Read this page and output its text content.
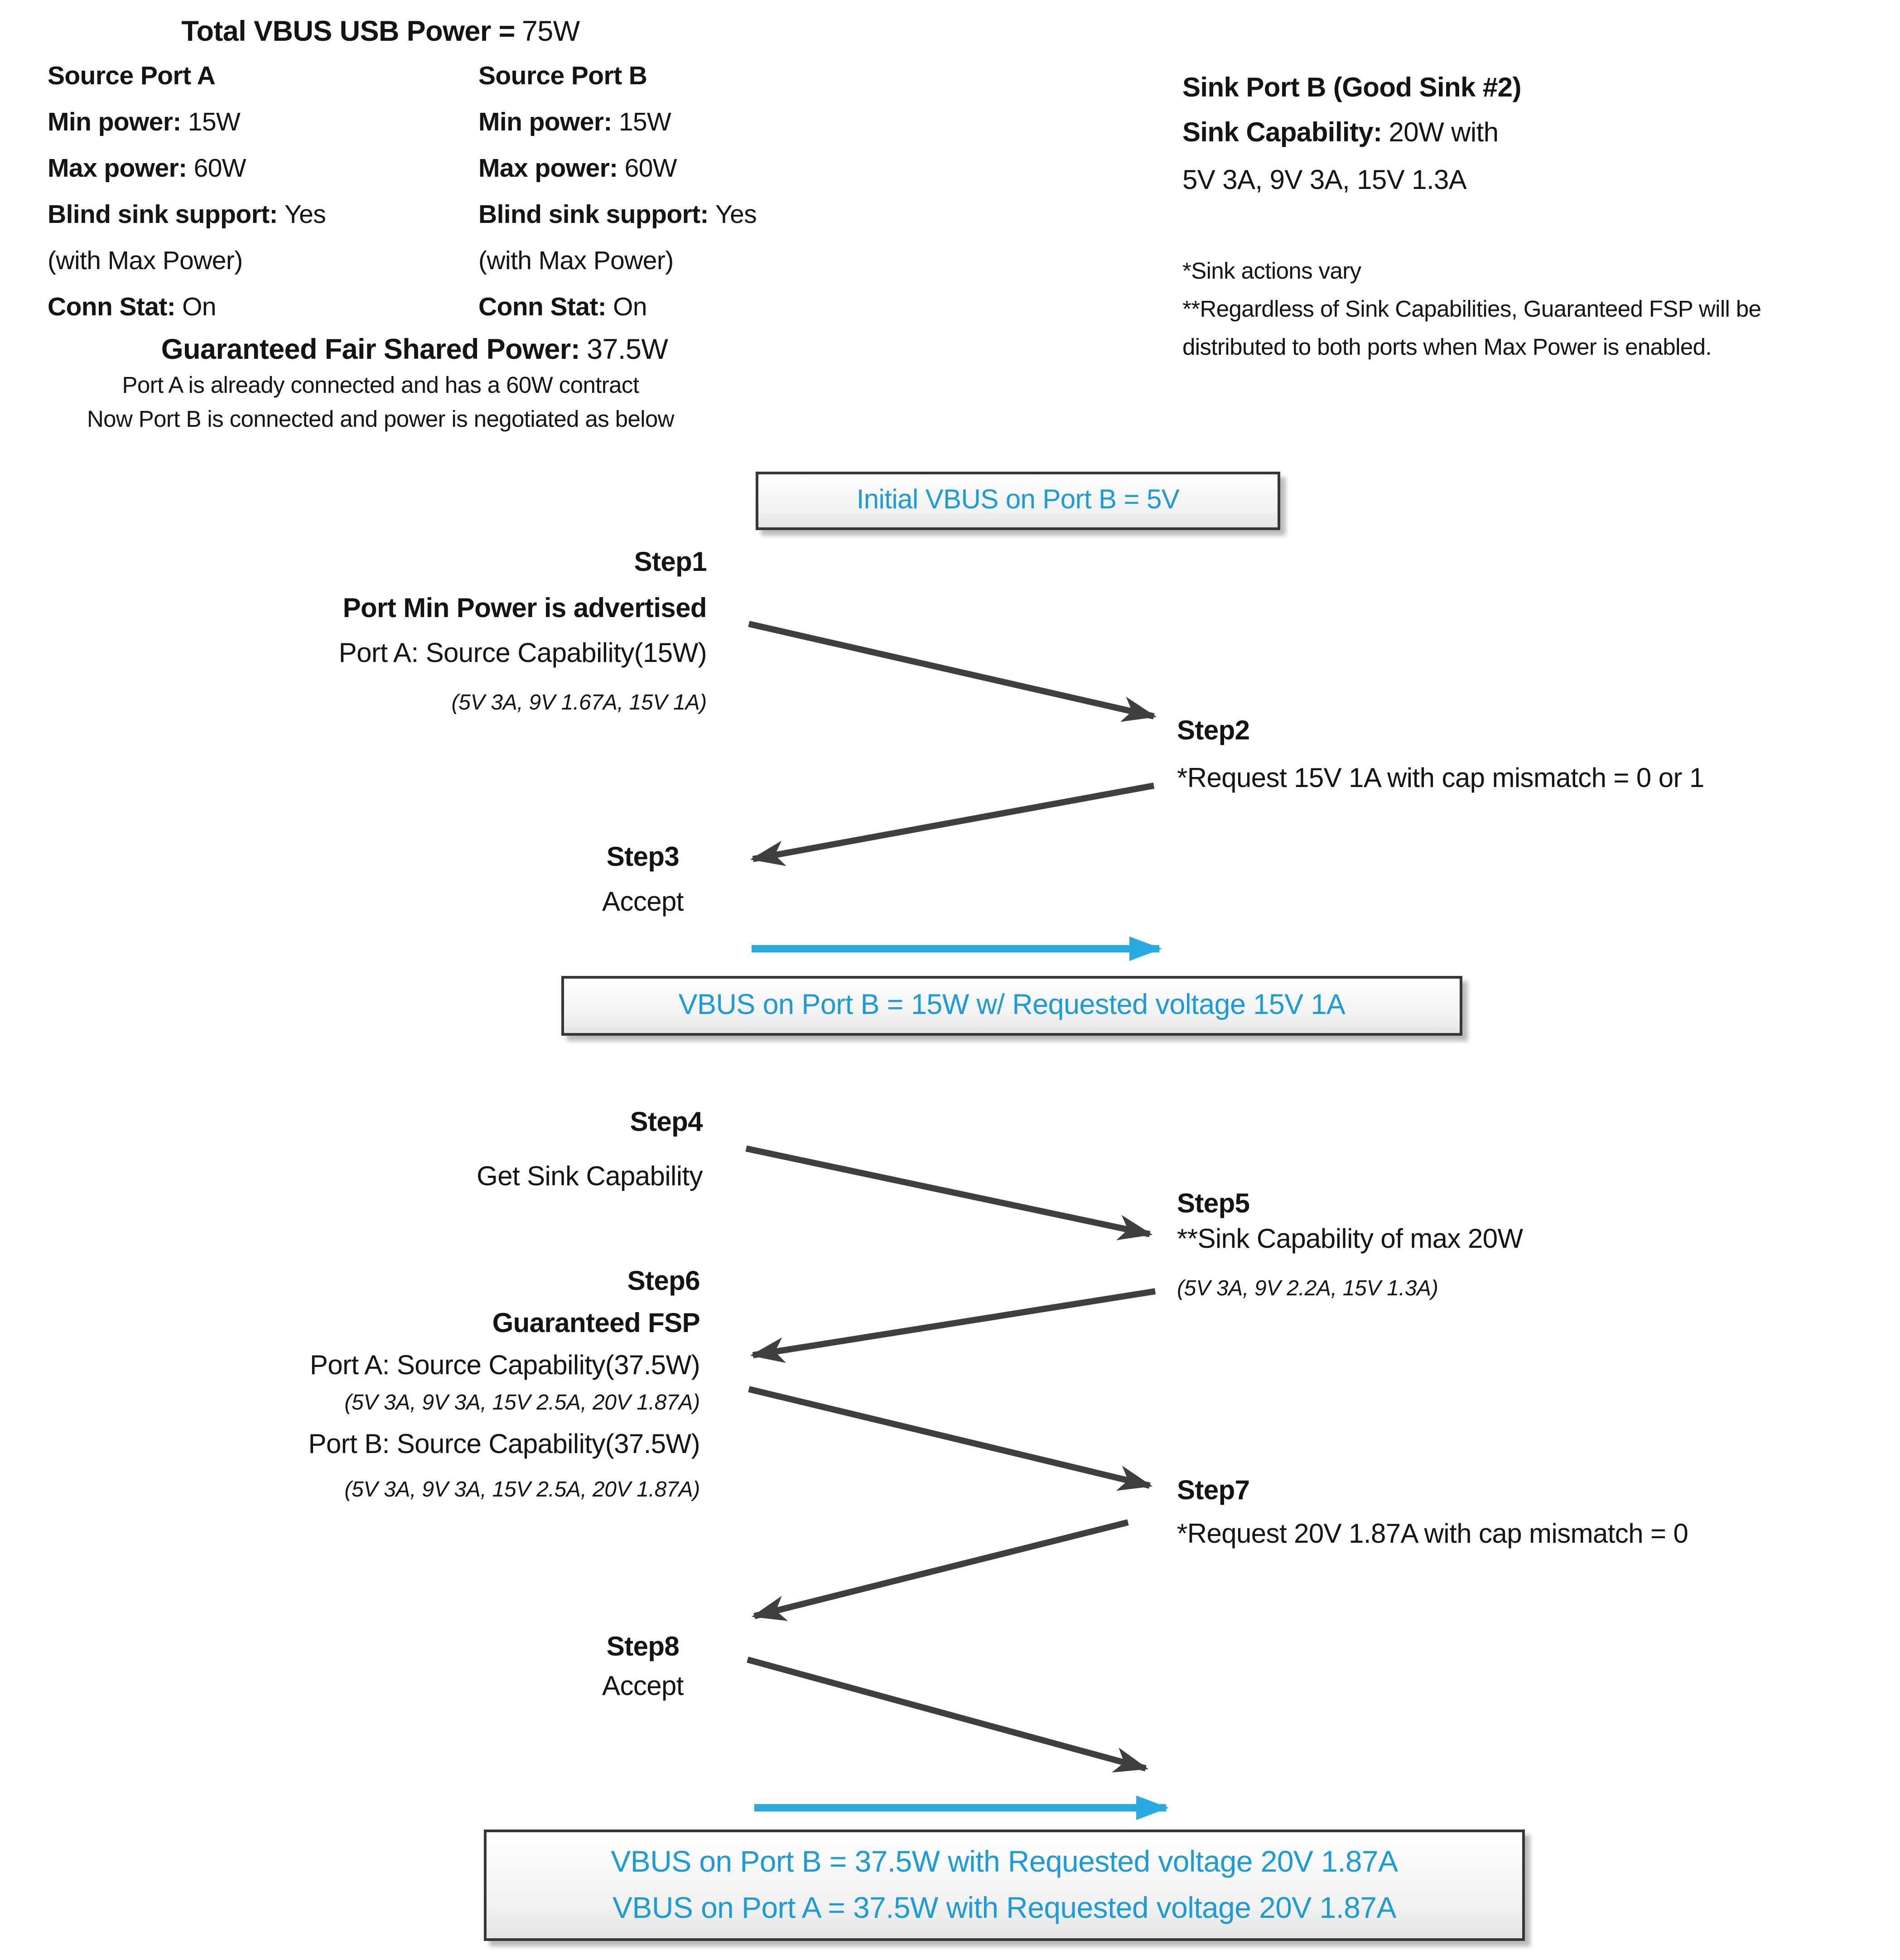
Total VBUS USB Power = 75W
Source Port A
Min power: 15W
Max power: 60W
Blind sink support: Yes
(with Max Power)
Conn Stat: On
Source Port B
Min power: 15W
Max power: 60W
Blind sink support: Yes
(with Max Power)
Conn Stat: On
Guaranteed Fair Shared Power: 37.5W
Port A is already connected and has a 60W contract
Now Port B is connected and power is negotiated as below
Sink Port B (Good Sink #2)
Sink Capability: 20W with
5V 3A, 9V 3A, 15V 1.3A
*Sink actions vary
**Regardless of Sink Capabilities, Guaranteed FSP will be
distributed to both ports when Max Power is enabled.
Initial VBUS on Port B = 5V
VBUS on Port B = 15W w/ Requested voltage 15V 1A
VBUS on Port B = 37.5W with Requested voltage 20V 1.87A
VBUS on Port A = 37.5W with Requested voltage 20V 1.87A
Step1
Port Min Power is advertised
Port A: Source Capability(15W)
(5V 3A, 9V 1.67A, 15V 1A)
Step2
*Request 15V 1A with cap mismatch = 0 or 1
Step3
Accept
Step4
Get Sink Capability
Step5
**Sink Capability of max 20W
(5V 3A, 9V 2.2A, 15V 1.3A)
Step6
Guaranteed FSP
Port A: Source Capability(37.5W)
(5V 3A, 9V 3A, 15V 2.5A, 20V 1.87A)
Port B: Source Capability(37.5W)
(5V 3A, 9V 3A, 15V 2.5A, 20V 1.87A)	Step7
*Request 20V 1.87A with cap mismatch = 0
Step8
Accept
